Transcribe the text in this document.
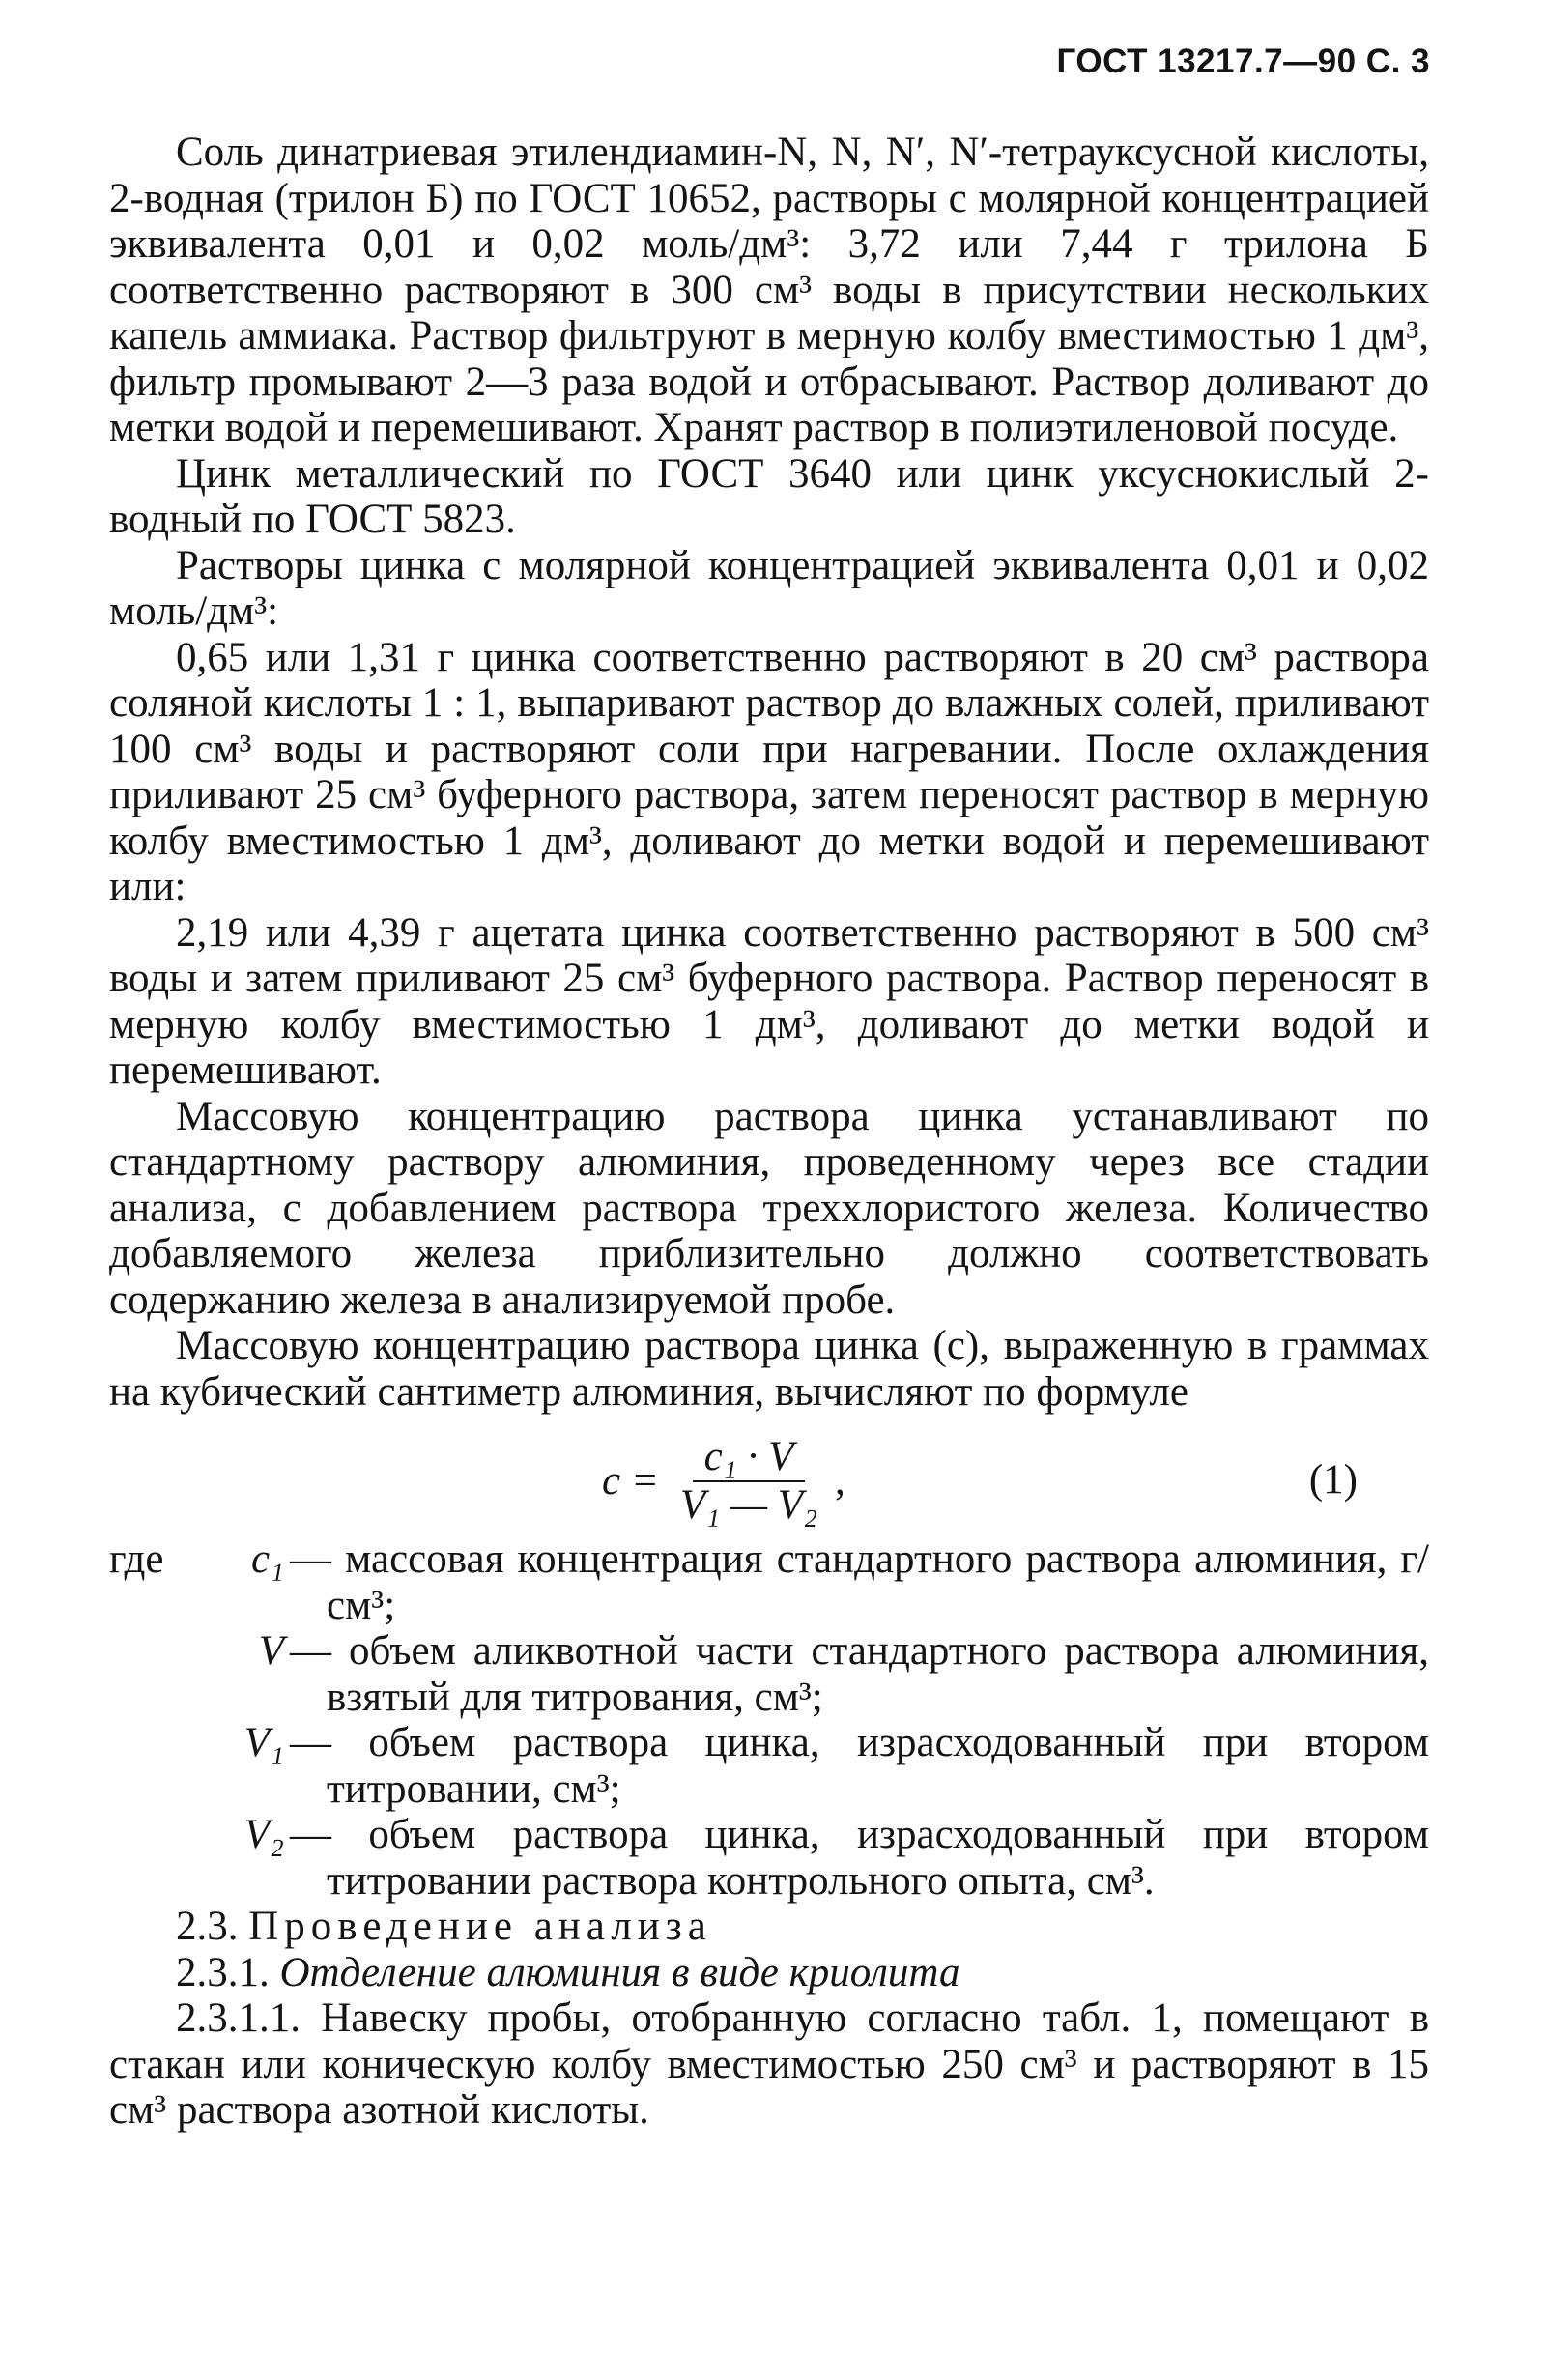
ГОСТ 13217.7—90 С. 3

Соль динатриевая этилендиамин-N, N, N′, N′-тетрауксусной кислоты, 2-водная (трилон Б) по ГОСТ 10652, растворы с молярной концентрацией эквивалента 0,01 и 0,02 моль/дм³: 3,72 или 7,44 г трилона Б соответственно растворяют в 300 см³ воды в присутствии нескольких капель аммиака. Раствор фильтруют в мерную колбу вместимостью 1 дм³, фильтр промывают 2—3 раза водой и отбрасывают. Раствор доливают до метки водой и перемешивают. Хранят раствор в полиэтиленовой посуде.

Цинк металлический по ГОСТ 3640 или цинк уксуснокислый 2-водный по ГОСТ 5823.

Растворы цинка с молярной концентрацией эквивалента 0,01 и 0,02 моль/дм³:

0,65 или 1,31 г цинка соответственно растворяют в 20 см³ раствора соляной кислоты 1 : 1, выпаривают раствор до влажных солей, приливают 100 см³ воды и растворяют соли при нагревании. После охлаждения приливают 25 см³ буферного раствора, затем переносят раствор в мерную колбу вместимостью 1 дм³, доливают до метки водой и перемешивают или:

2,19 или 4,39 г ацетата цинка соответственно растворяют в 500 см³ воды и затем приливают 25 см³ буферного раствора. Раствор переносят в мерную колбу вместимостью 1 дм³, доливают до метки водой и перемешивают.

Массовую концентрацию раствора цинка устанавливают по стандартному раствору алюминия, проведенному через все стадии анализа, с добавлением раствора треххлористого железа. Количество добавляемого железа приблизительно должно соответствовать содержанию железа в анализируемой пробе.

Массовую концентрацию раствора цинка (c), выраженную в граммах на кубический сантиметр алюминия, вычисляют по формуле

$c = \frac{\text{c₁ · V}}{\text{V₁ — V₂}}$ ,	(1)
где	c₁ — массовая концентрация стандартного раствора алюминия, г/см³;
V — объем аликвотной части стандартного раствора алюминия, взятый для титрования, см³;
V₁ — объем раствора цинка, израсходованный при втором титровании, см³;
V₂ — объем раствора цинка, израсходованный при втором титровании раствора контрольного опыта, см³.

2.3. Проведение анализа

2.3.1. Отделение алюминия в виде криолита

2.3.1.1. Навеску пробы, отобранную согласно табл. 1, помещают в стакан или коническую колбу вместимостью 250 см³ и растворяют в 15 см³ раствора азотной кислоты.
